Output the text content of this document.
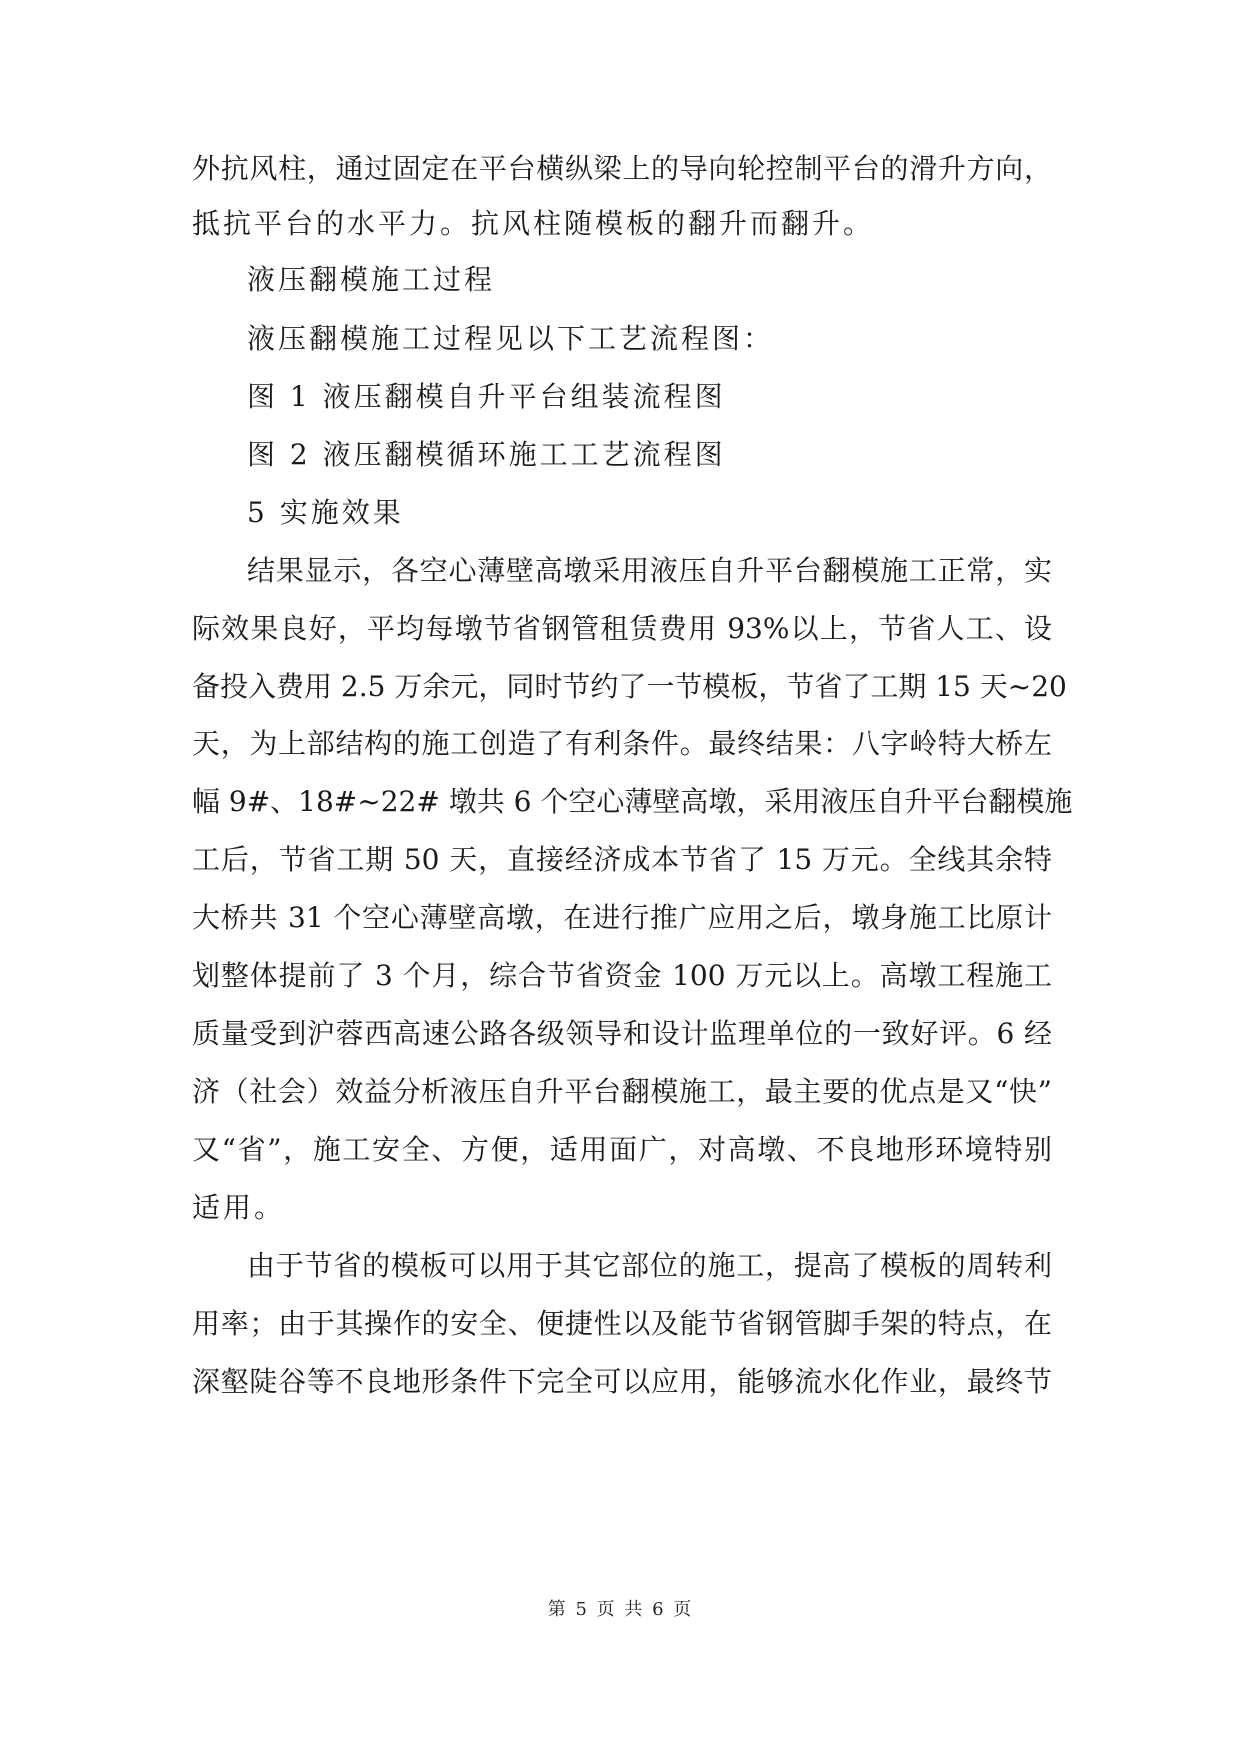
外抗风柱，通过固定在平台横纵梁上的导向轮控制平台的滑升方向，
抵抗平台的水平力。抗风柱随模板的翻升而翻升。
液压翻模施工过程
液压翻模施工过程见以下工艺流程图：
图 1 液压翻模自升平台组装流程图
图 2 液压翻模循环施工工艺流程图
5 实施效果
结果显示，各空心薄壁高墩采用液压自升平台翻模施工正常，实
际效果良好，平均每墩节省钢管租赁费用 93%以上，节省人工、设
备投入费用 2.5 万余元，同时节约了一节模板，节省了工期 15 天~20
天，为上部结构的施工创造了有利条件。最终结果：八字岭特大桥左
幅 9#、18#~22# 墩共 6 个空心薄壁高墩，采用液压自升平台翻模施
工后，节省工期 50 天，直接经济成本节省了 15 万元。全线其余特
大桥共 31 个空心薄壁高墩，在进行推广应用之后，墩身施工比原计
划整体提前了 3 个月，综合节省资金 100 万元以上。高墩工程施工
质量受到沪蓉西高速公路各级领导和设计监理单位的一致好评。6 经
济（社会）效益分析液压自升平台翻模施工，最主要的优点是又“快”
又“省”，施工安全、方便，适用面广，对高墩、不良地形环境特别
适用。
由于节省的模板可以用于其它部位的施工，提高了模板的周转利
用率；由于其操作的安全、便捷性以及能节省钢管脚手架的特点，在
深壑陡谷等不良地形条件下完全可以应用，能够流水化作业，最终节
第 5 页 共 6 页
